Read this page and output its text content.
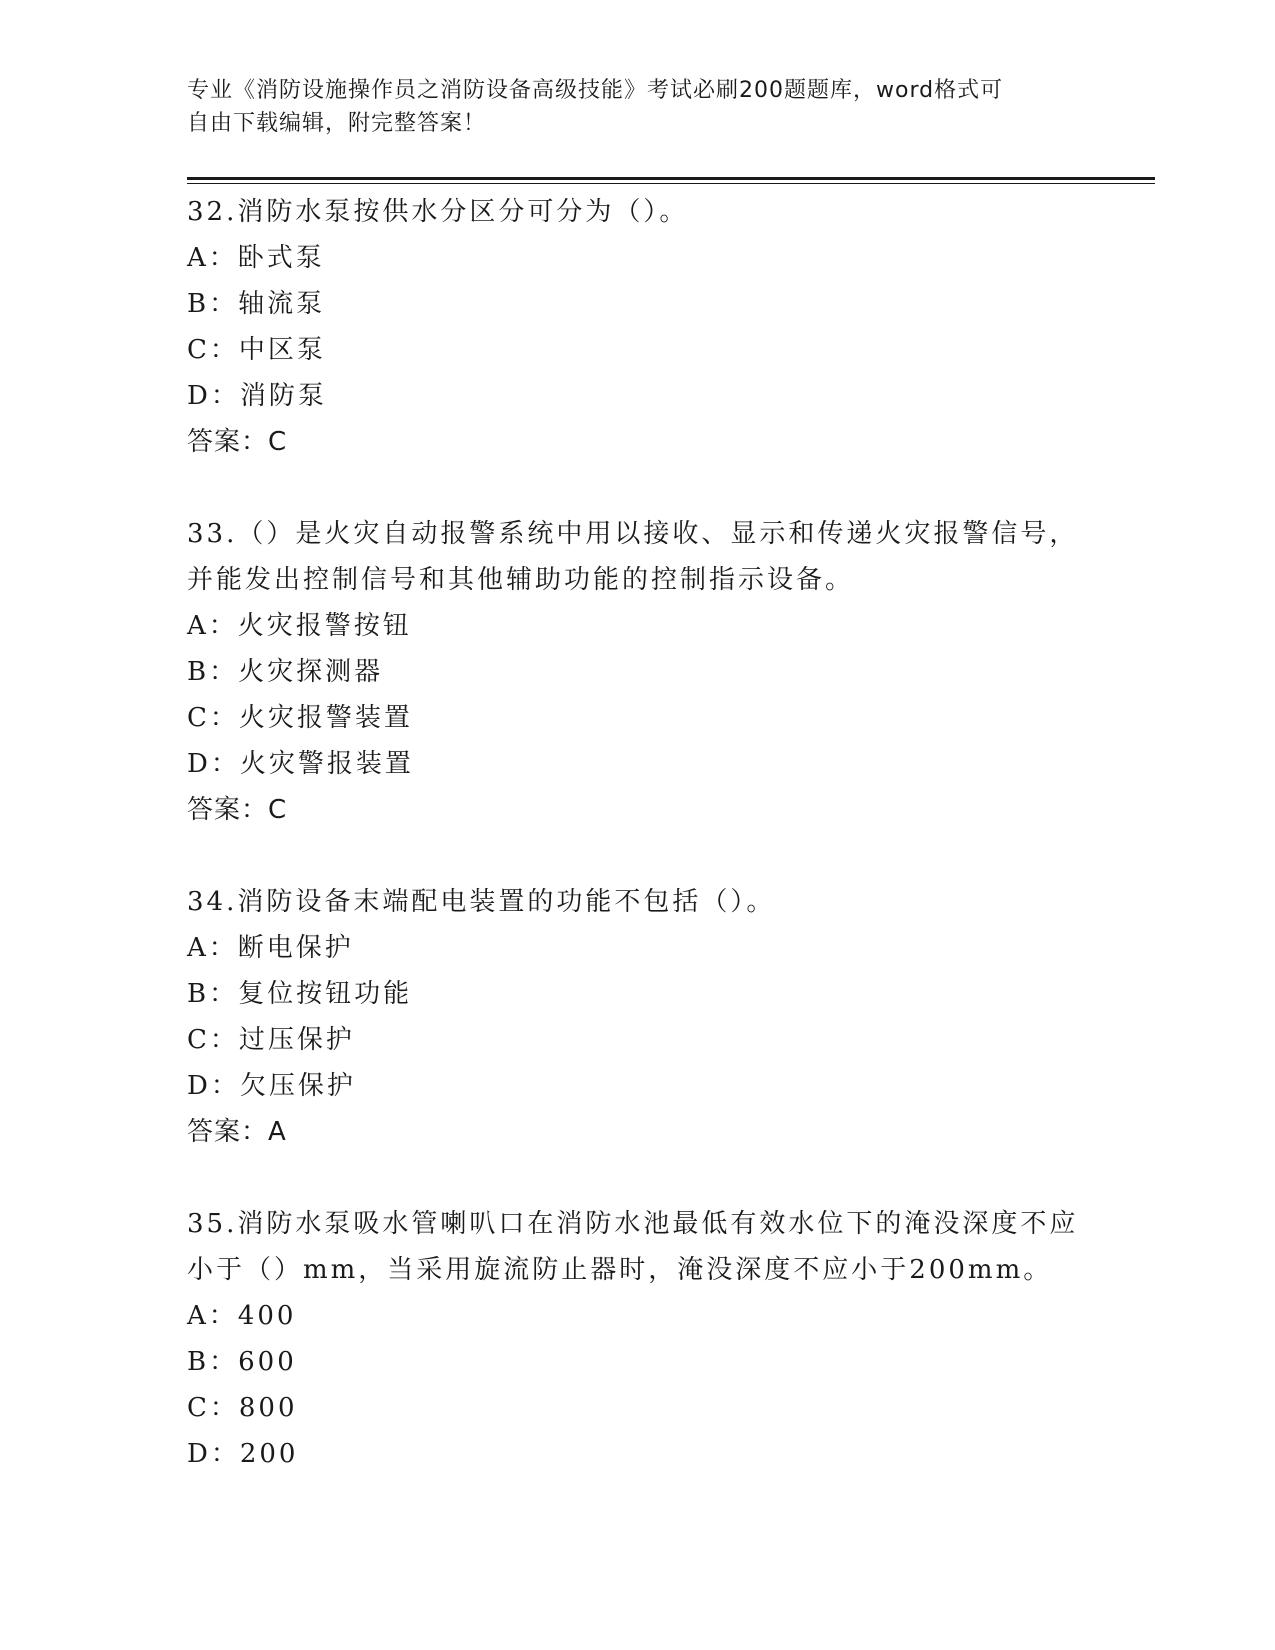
专业《消防设施操作员之消防设备高级技能》考试必刷200题题库，word格式可
自由下载编辑，附完整答案！
32.消防水泵按供水分区分可分为（）。
A：卧式泵
B：轴流泵
C：中区泵
D：消防泵
答案：C
33.（）是火灾自动报警系统中用以接收、显示和传递火灾报警信号，
并能发出控制信号和其他辅助功能的控制指示设备。
A：火灾报警按钮
B：火灾探测器
C：火灾报警装置
D：火灾警报装置
答案：C
34.消防设备末端配电装置的功能不包括（）。
A：断电保护
B：复位按钮功能
C：过压保护
D：欠压保护
答案：A
35.消防水泵吸水管喇叭口在消防水池最低有效水位下的淹没深度不应
小于（）mm，当采用旋流防止器时，淹没深度不应小于200mm。
A：400
B：600
C：800
D：200
